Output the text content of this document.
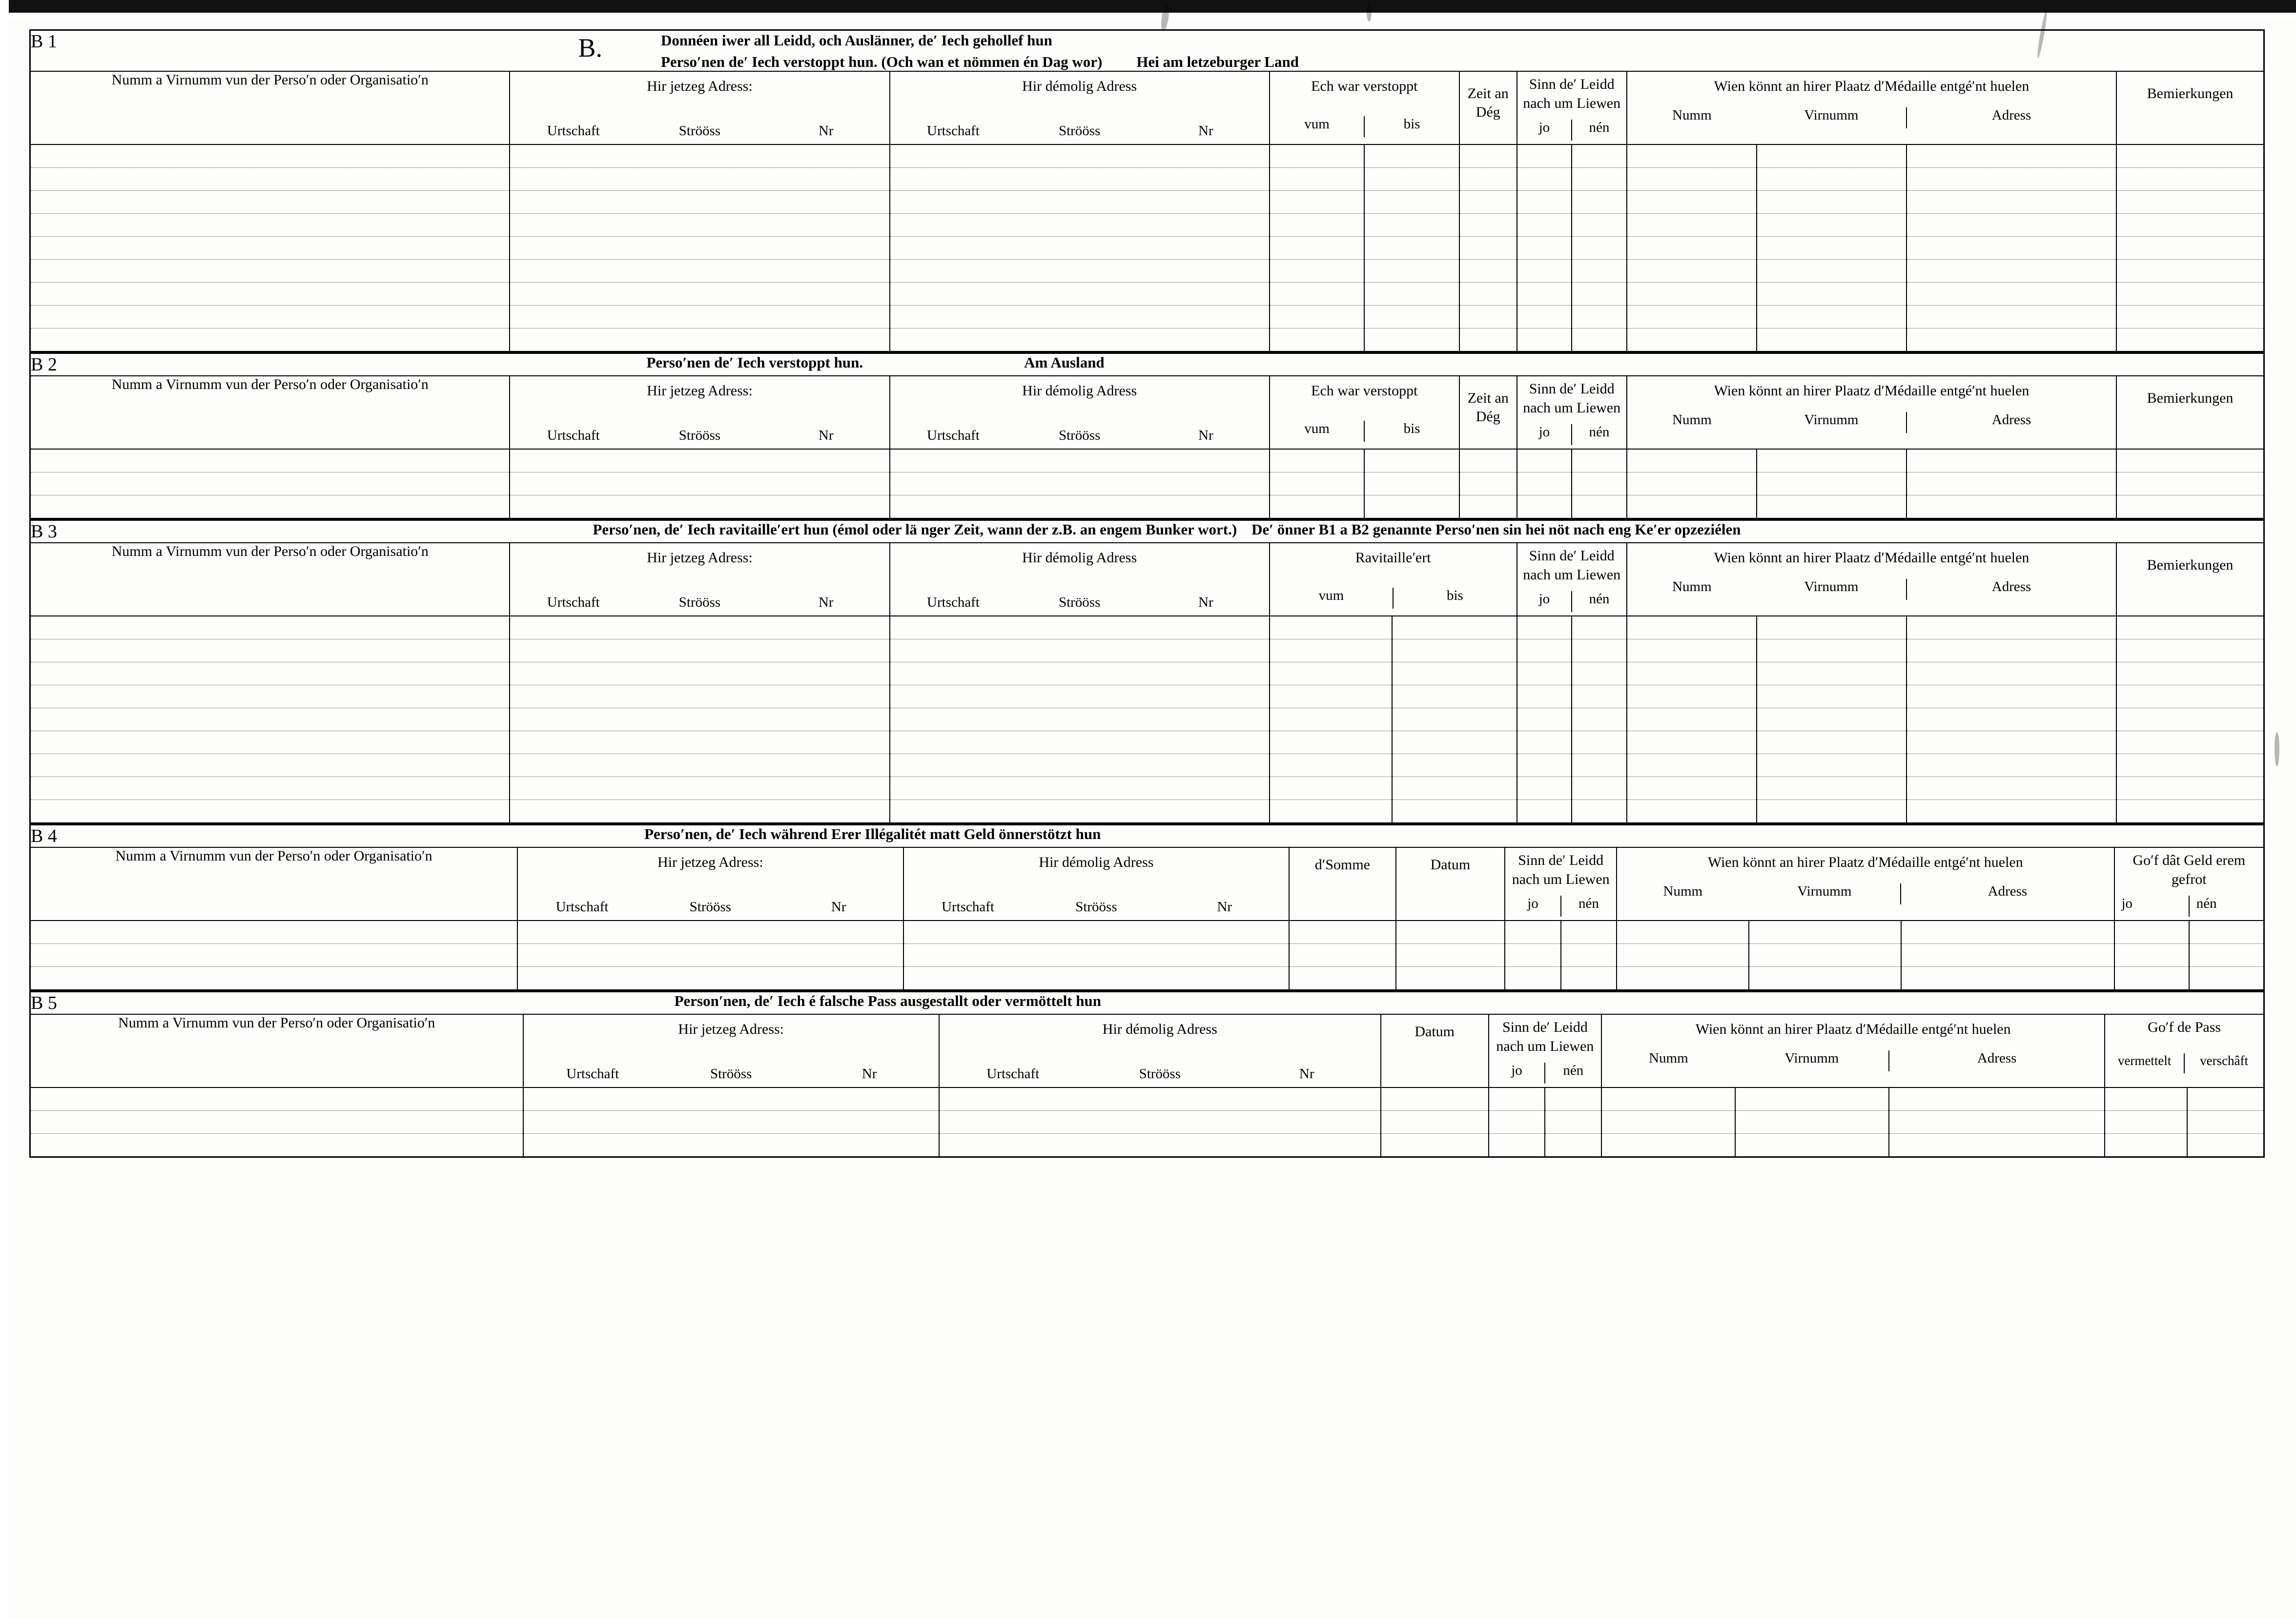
B 1	B. Donnéen iwer all Leidd, och Auslänner, de′ Iech gehollef hun
Perso′nen de′ Iech verstoppt hun. (Och wan et nömmen én Dag wor) Hei am letzeburger Land										

Numm a Virnumm vun der Perso′n oder Organisatio′n	Hir jetzeg Adress:
Urtschaft	Strööss	Nr

Hir démolig Adress
Urtschaft	Strööss	Nr

Ech war verstoppt
vum	bis
	Zeit an Dég	
Sinn de′ Leidd nach um Liewen
jo	nén

Wien könnt an hirer Plaatz d′Médaille entgé′nt huelen
Numm	Virnumm	Adress
	Bemierkungen

B 2	Perso′nen de′ Iech verstoppt hun. Am Ausland										

Numm a Virnumm vun der Perso′n oder Organisatio′n	Hir jetzeg Adress:
Urtschaft	Strööss	Nr

Hir démolig Adress
Urtschaft	Strööss	Nr

Ech war verstoppt
vum	bis
	Zeit an Dég	
Sinn de′ Leidd nach um Liewen
jo	nén

Wien könnt an hirer Plaatz d′Médaille entgé′nt huelen
Numm	Virnumm	Adress
	Bemierkungen

B 3	Perso′nen, de′ Iech ravitaille′ert hun (émol oder lä nger Zeit, wann der z.B. an engem Bunker wort.) De′ önner B1 a B2 genannte Perso′nen sin hei nöt nach eng Ke′er opzeziélen									

Numm a Virnumm vun der Perso′n oder Organisatio′n	Hir jetzeg Adress:
Urtschaft	Strööss	Nr

Hir démolig Adress
Urtschaft	Strööss	Nr

Ravitaille′ert
vum	bis

Sinn de′ Leidd nach um Liewen
jo	nén

Wien könnt an hirer Plaatz d′Médaille entgé′nt huelen
Numm	Virnumm	Adress
	Bemierkungen

B 4	Perso′nen, de′ Iech während Erer Illégalitét matt Geld önnerstötzt hun										

Numm a Virnumm vun der Perso′n oder Organisatio′n	Hir jetzeg Adress:
Urtschaft	Strööss	Nr

Hir démolig Adress
Urtschaft	Strööss	Nr
	d′Somme	Datum	Sinn de′ Leidd nach um Liewen
jo	nén

Wien könnt an hirer Plaatz d′Médaille entgé′nt huelen
Numm	Virnumm	Adress

Go′f dât Geld erem gefrot
jo	nén

B 5	Person′nen, de′ Iech é falsche Pass ausgestallt oder vermöttelt hun									

Numm a Virnumm vun der Perso′n oder Organisatio′n	Hir jetzeg Adress:
Urtschaft	Strööss	Nr

Hir démolig Adress
Urtschaft	Strööss	Nr
	Datum	Sinn de′ Leidd nach um Liewen
jo	nén

Wien könnt an hirer Plaatz d′Médaille entgé′nt huelen
Numm	Virnumm	Adress

Go′f de Pass
vermettelt	verschâft
